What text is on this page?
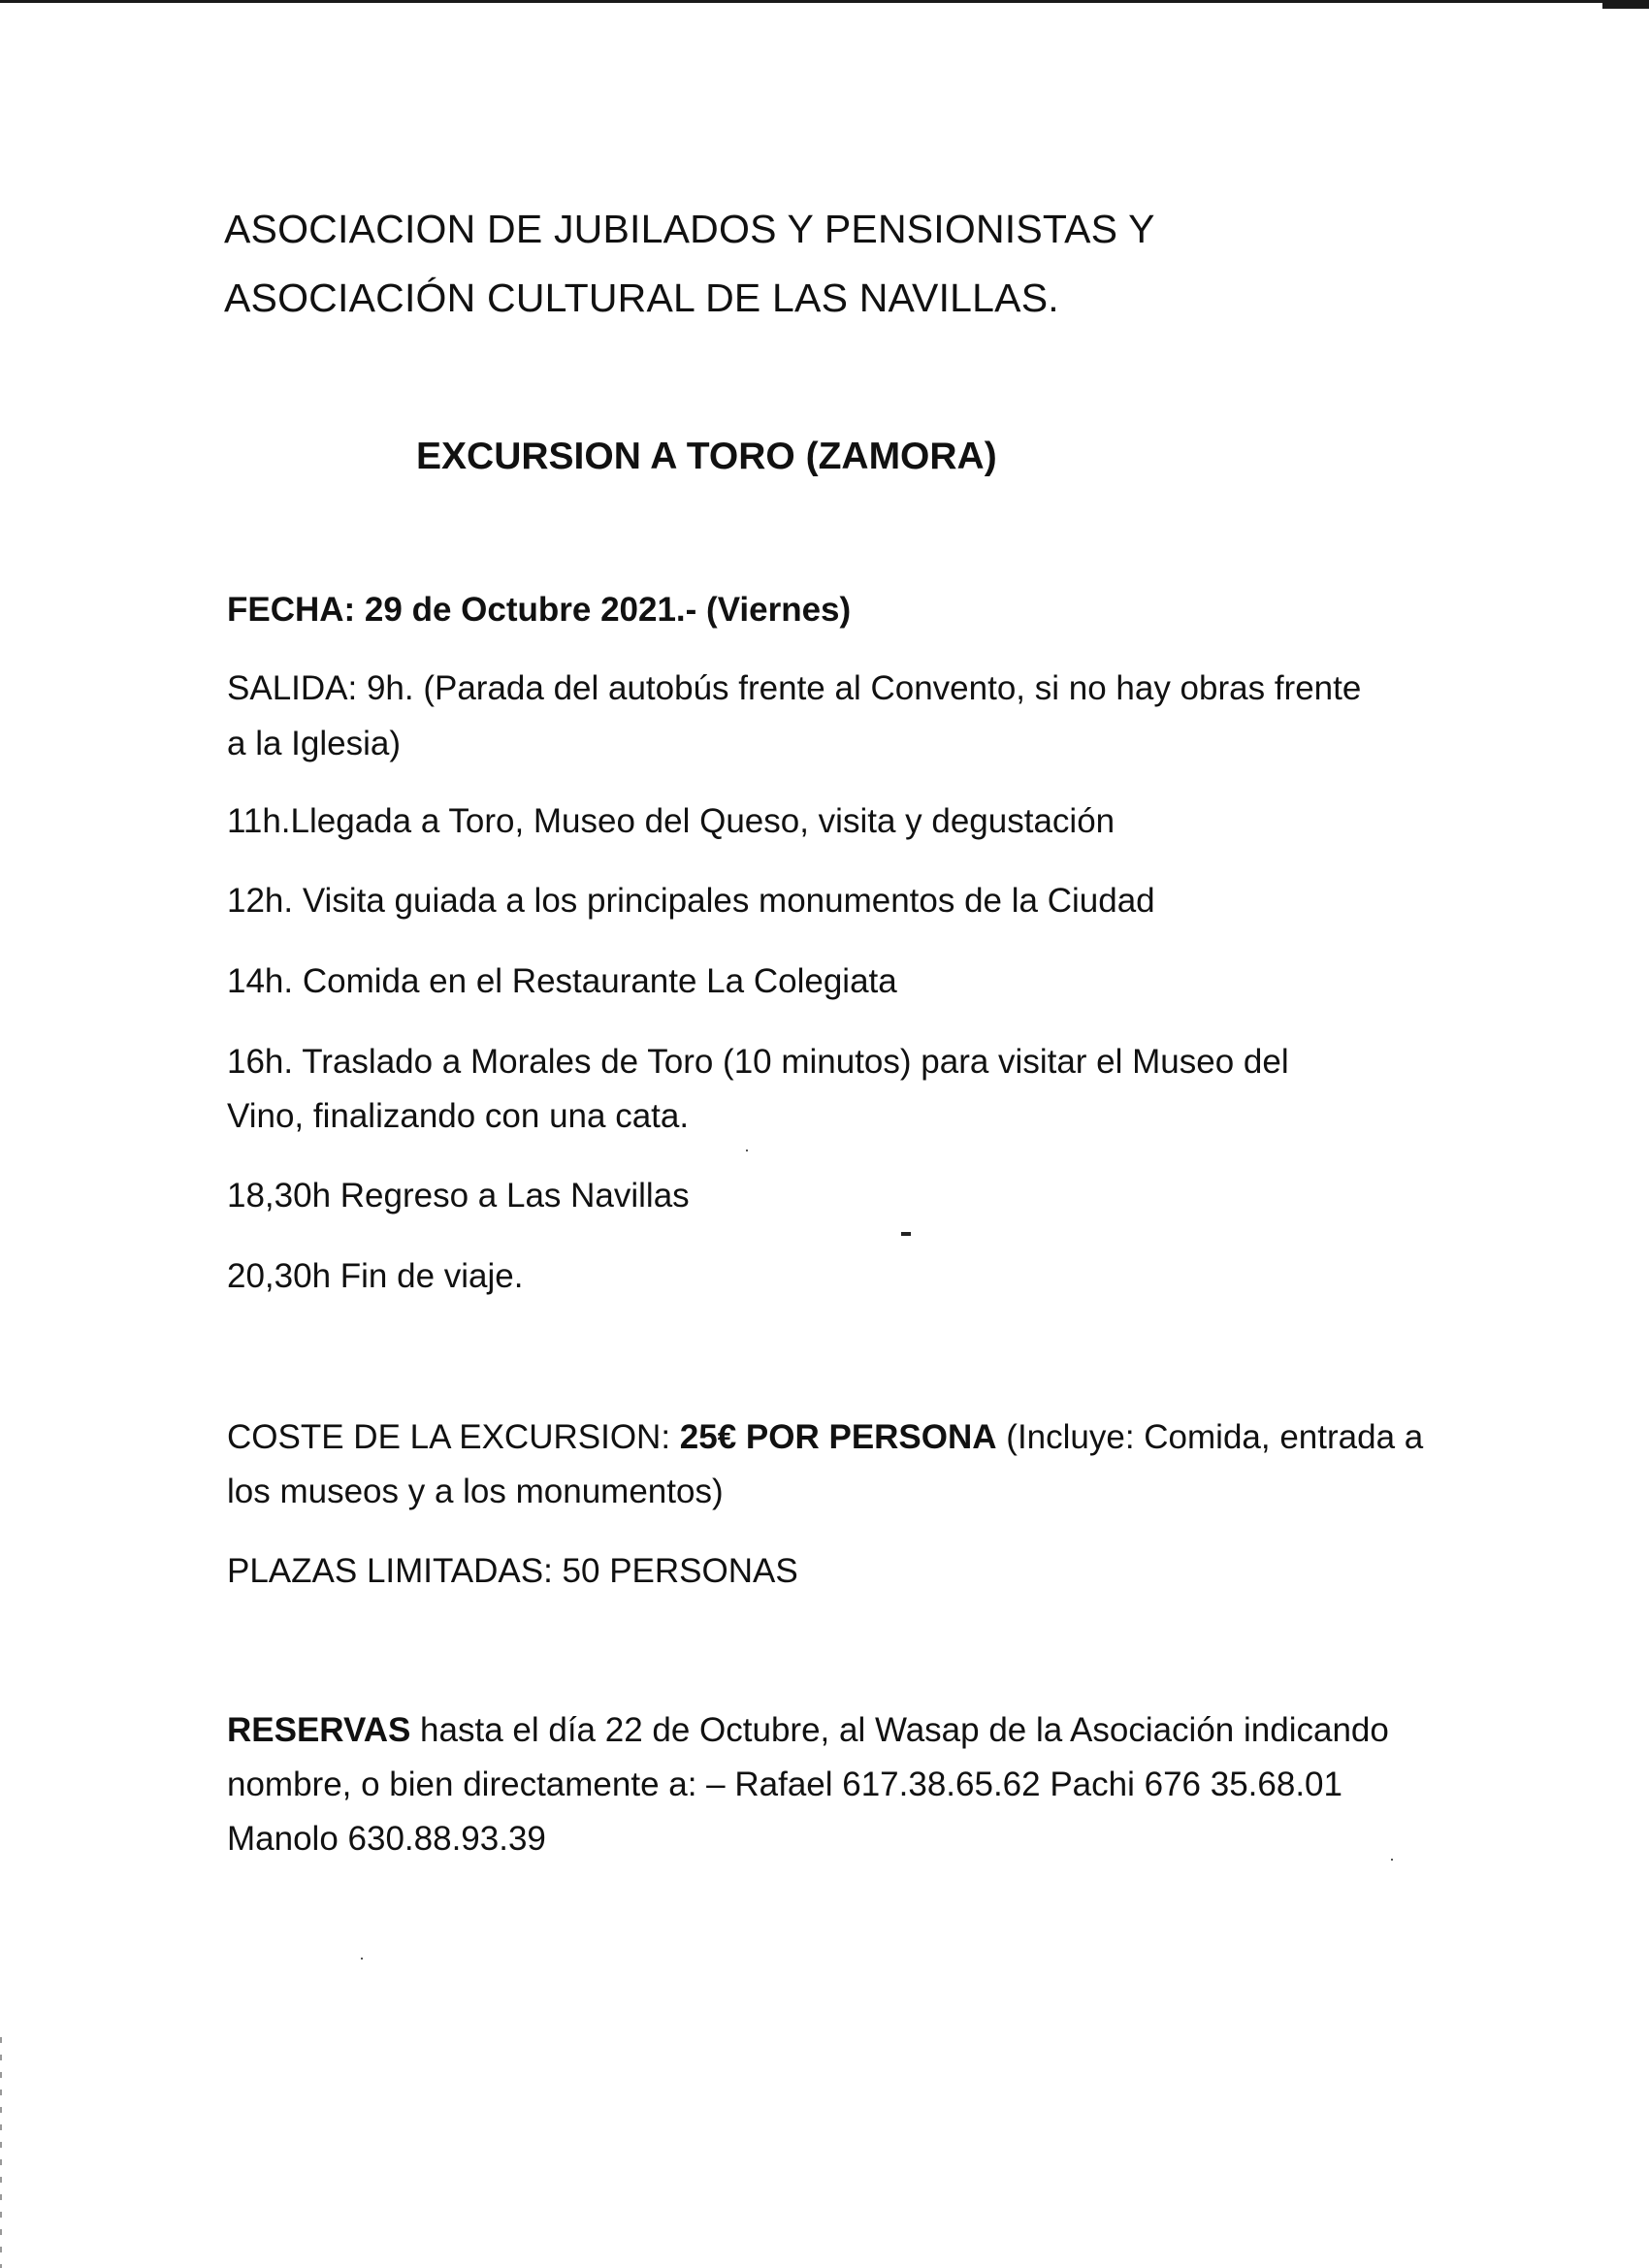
ASOCIACION DE JUBILADOS Y PENSIONISTAS Y
ASOCIACIÓN CULTURAL DE LAS NAVILLAS.
EXCURSION A TORO (ZAMORA)
FECHA: 29 de Octubre 2021.- (Viernes)
SALIDA: 9h. (Parada del autobús frente al Convento, si no hay obras frente
a la Iglesia)
11h.Llegada a Toro, Museo del Queso, visita y degustación
12h. Visita guiada a los principales monumentos de la Ciudad
14h. Comida en el Restaurante La Colegiata
16h. Traslado a Morales de Toro (10 minutos) para visitar el Museo del
Vino, finalizando con una cata.
18,30h Regreso a Las Navillas
20,30h Fin de viaje.
COSTE DE LA EXCURSION: 25€ POR PERSONA (Incluye: Comida, entrada a
los museos y a los monumentos)
PLAZAS LIMITADAS: 50 PERSONAS
RESERVAS hasta el día 22 de Octubre, al Wasap de la Asociación indicando
nombre, o bien directamente a: – Rafael 617.38.65.62 Pachi 676 35.68.01
Manolo 630.88.93.39
